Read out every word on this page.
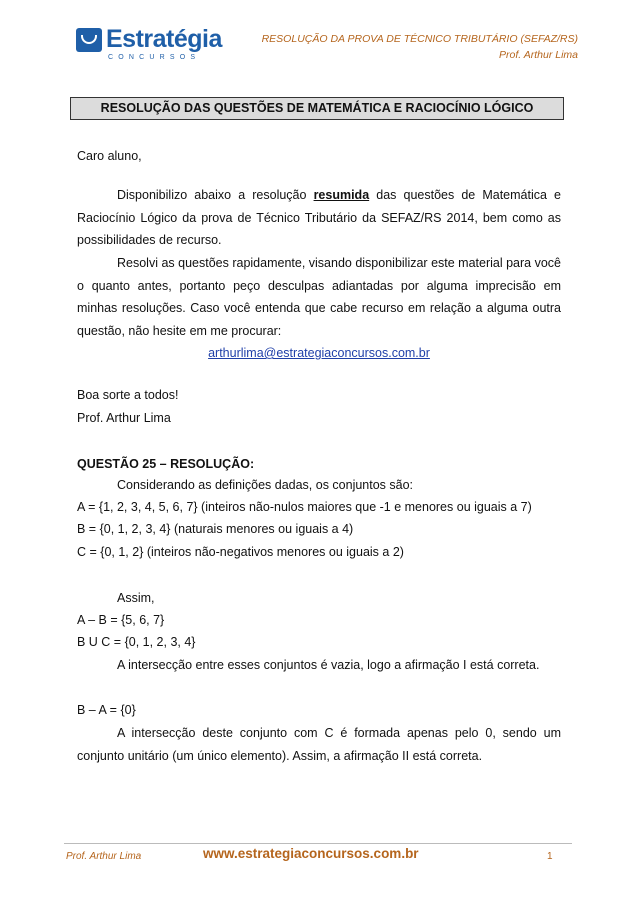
Estratégia
CONCURSOS
RESOLUÇÃO DA PROVA DE TÉCNICO TRIBUTÁRIO (SEFAZ/RS)
Prof. Arthur Lima
RESOLUÇÃO DAS QUESTÕES DE MATEMÁTICA E RACIOCÍNIO LÓGICO
Caro aluno,
Disponibilizo abaixo a resolução resumida das questões de Matemática e Raciocínio Lógico da prova de Técnico Tributário da SEFAZ/RS 2014, bem como as possibilidades de recurso.
Resolvi as questões rapidamente, visando disponibilizar este material para você o quanto antes, portanto peço desculpas adiantadas por alguma imprecisão em minhas resoluções. Caso você entenda que cabe recurso em relação a alguma outra questão, não hesite em me procurar:
arthurlima@estrategiaconcursos.com.br
Boa sorte a todos!
Prof. Arthur Lima
QUESTÃO 25 – RESOLUÇÃO:
Considerando as definições dadas, os conjuntos são:
A = {1, 2, 3, 4, 5, 6, 7} (inteiros não-nulos maiores que -1 e menores ou iguais a 7)
B = {0, 1, 2, 3, 4} (naturais menores ou iguais a 4)
C = {0, 1, 2} (inteiros não-negativos menores ou iguais a 2)
Assim,
A – B = {5, 6, 7}
B U C = {0, 1, 2, 3, 4}
A intersecção entre esses conjuntos é vazia, logo a afirmação I está correta.
B – A = {0}
A intersecção deste conjunto com C é formada apenas pelo 0, sendo um conjunto unitário (um único elemento). Assim, a afirmação II está correta.
Prof. Arthur Lima	www.estrategiaconcursos.com.br	1
